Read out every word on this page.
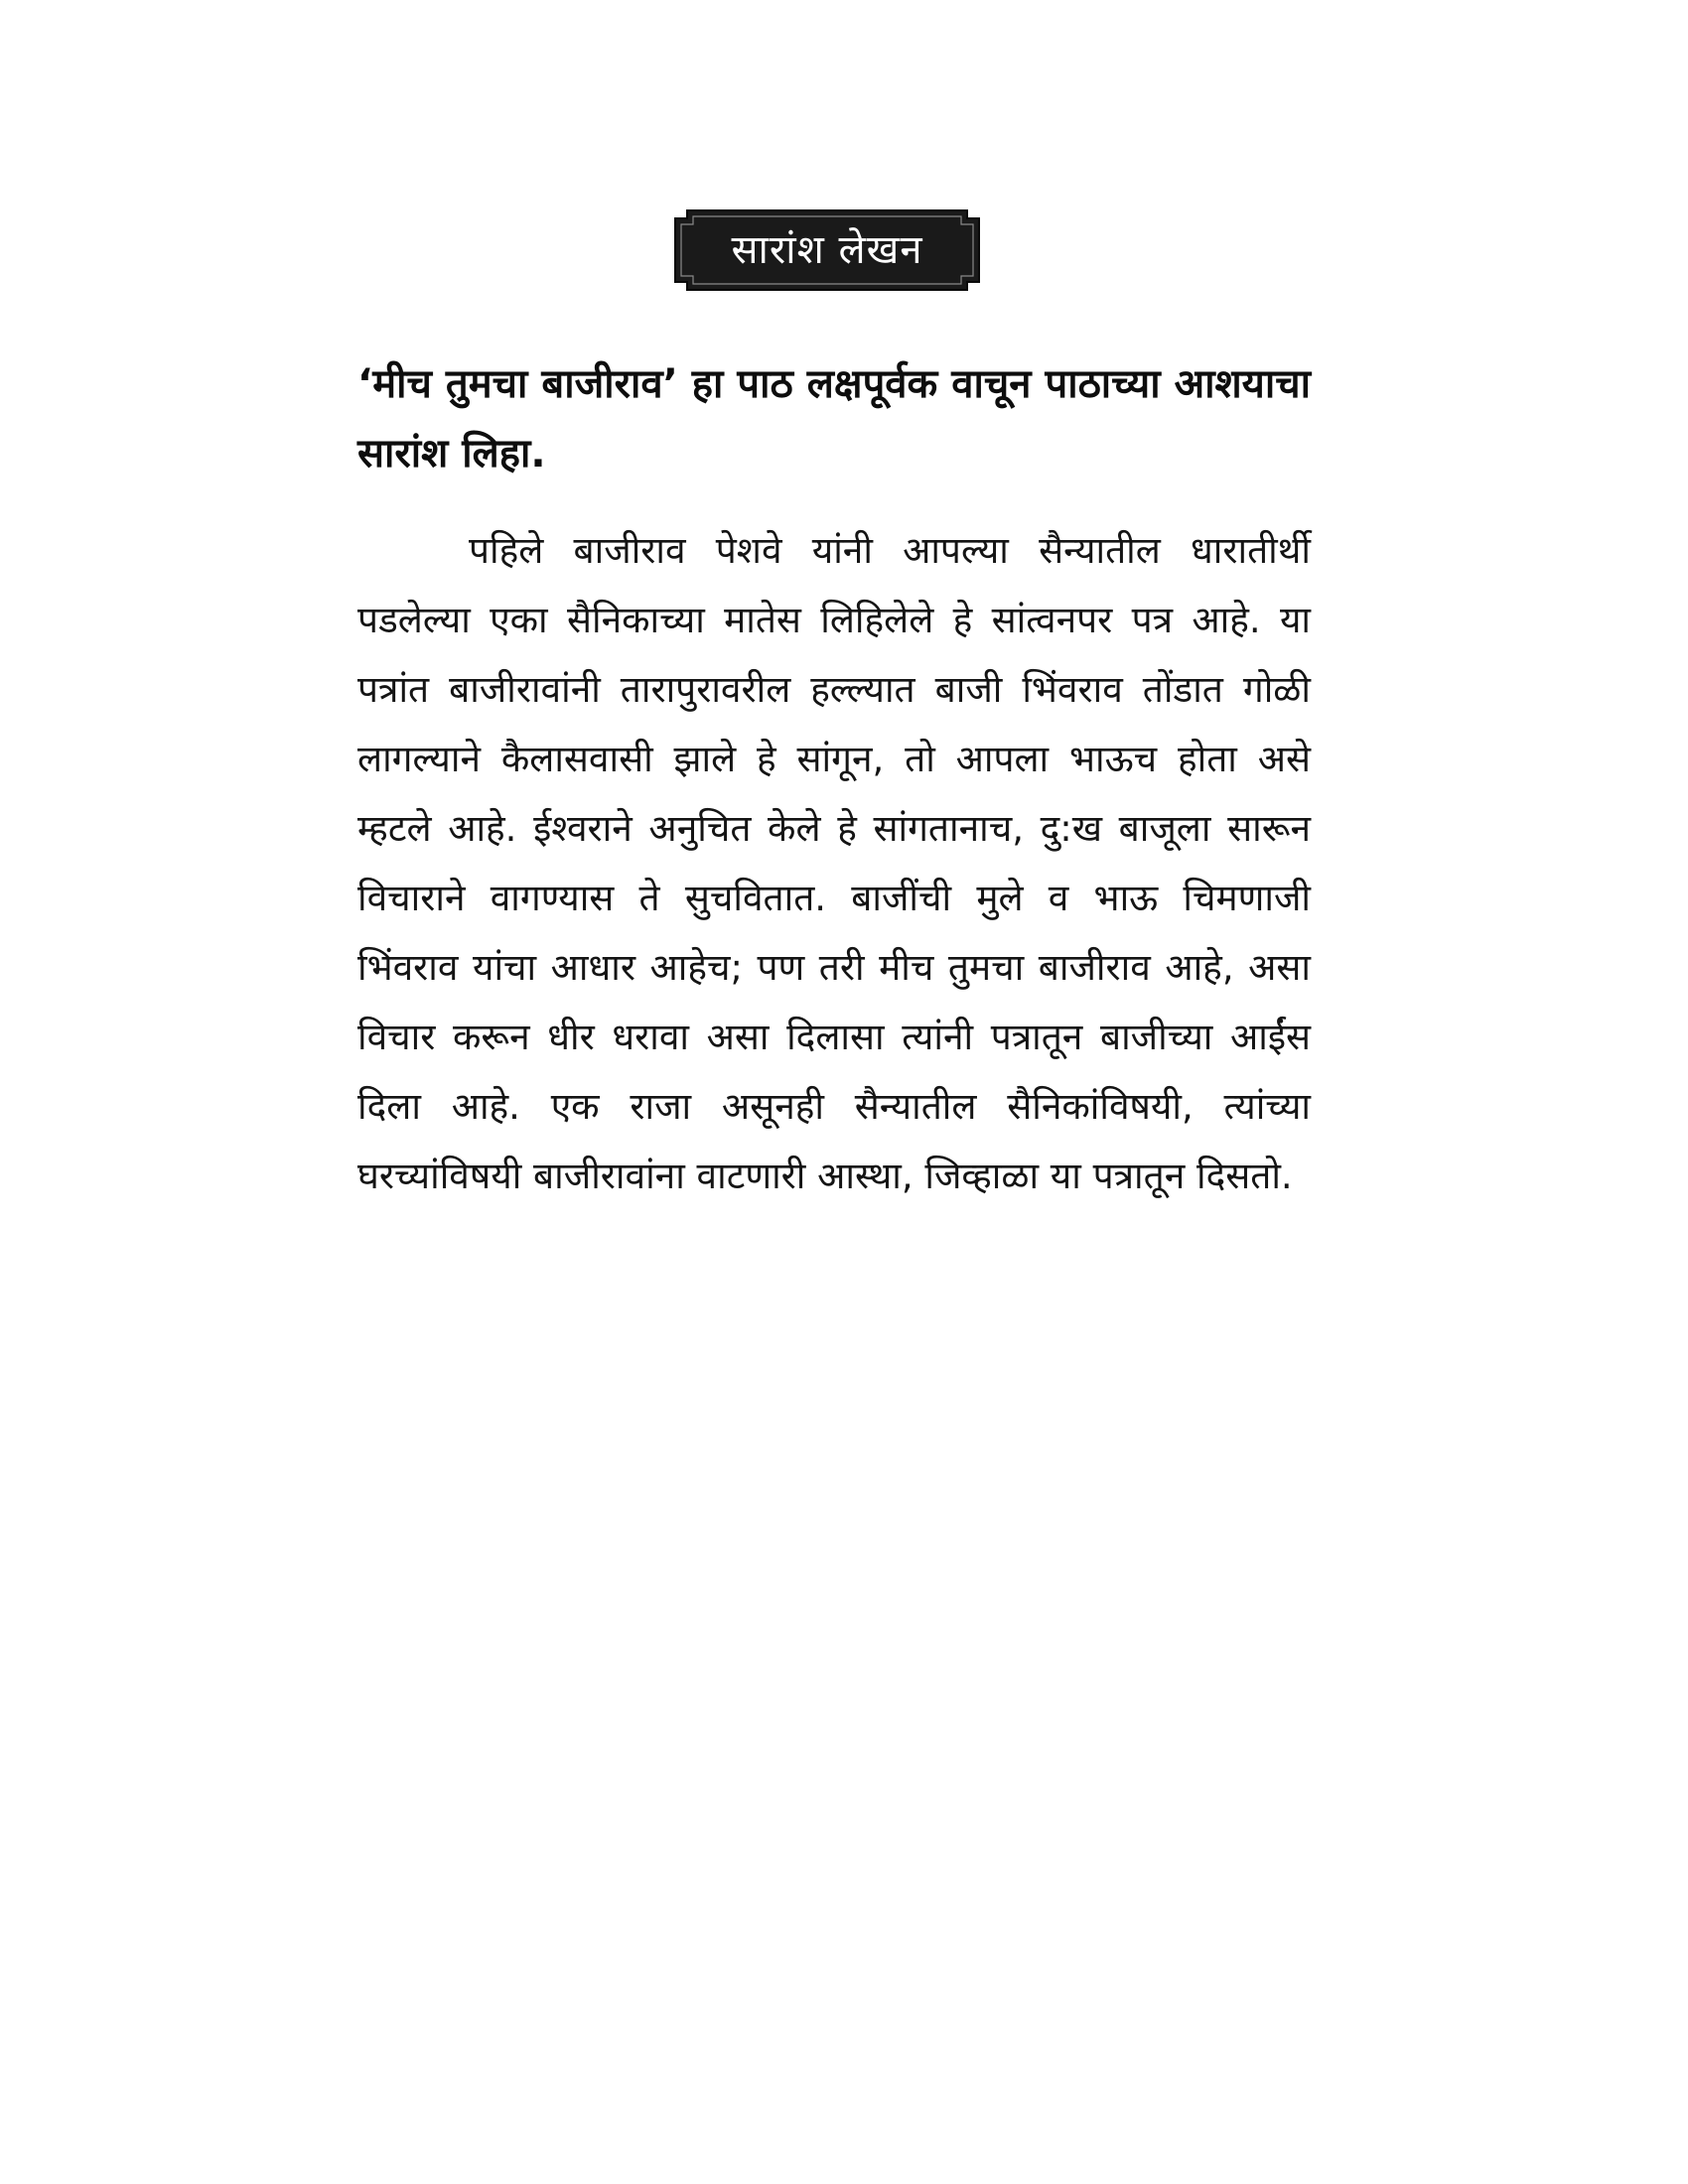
सारांश लेखन
‘मीच तुमचा बाजीराव’ हा पाठ लक्षपूर्वक वाचून पाठाच्या आशयाचा सारांश लिहा.
पहिले बाजीराव पेशवे यांनी आपल्या सैन्यातील धारातीर्थी पडलेल्या एका सैनिकाच्या मातेस लिहिलेले हे सांत्वनपर पत्र आहे. या पत्रांत बाजीरावांनी तारापुरावरील हल्ल्यात बाजी भिंवराव तोंडात गोळी लागल्याने कैलासवासी झाले हे सांगून, तो आपला भाऊच होता असे म्हटले आहे. ईश्वराने अनुचित केले हे सांगतानाच, दु:ख बाजूला सारून विचाराने वागण्यास ते सुचवितात. बाजींची मुले व भाऊ चिमणाजी भिंवराव यांचा आधार आहेच; पण तरी मीच तुमचा बाजीराव आहे, असा विचार करून धीर धरावा असा दिलासा त्यांनी पत्रातून बाजीच्या आईंस दिला आहे. एक राजा असूनही सैन्यातील सैनिकांविषयी, त्यांच्या घरच्यांविषयी बाजीरावांना वाटणारी आस्था, जिव्हाळा या पत्रातून दिसतो.
